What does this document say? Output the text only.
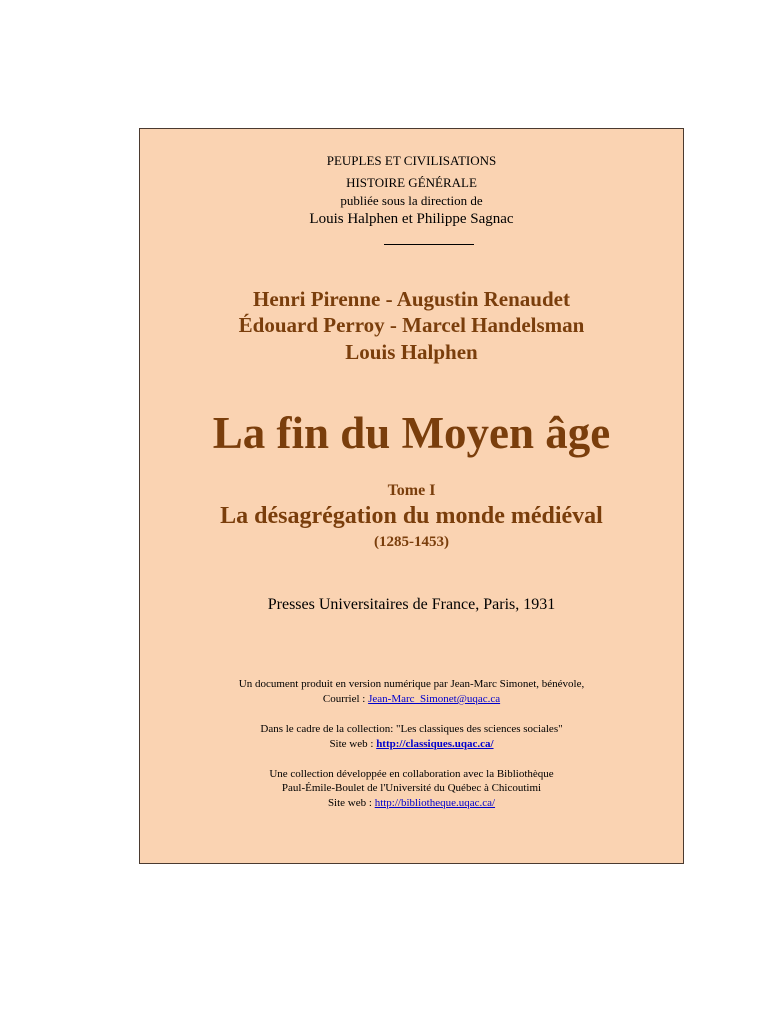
PEUPLES ET CIVILISATIONS

HISTOIRE GÉNÉRALE

publiée sous la direction de

Louis Halphen et Philippe Sagnac

Henri Pirenne - Augustin Renaudet

Édouard Perroy - Marcel Handelsman

Louis Halphen

La fin du Moyen âge

Tome I

La désagrégation du monde médiéval

(1285-1453)

Presses Universitaires de France, Paris, 1931

Un document produit en version numérique par Jean-Marc Simonet, bénévole,

Courriel : Jean-Marc_Simonet@uqac.ca

Dans le cadre de la collection: "Les classiques des sciences sociales"

Site web : http://classiques.uqac.ca/

Une collection développée en collaboration avec la Bibliothèque

Paul-Émile-Boulet de l'Université du Québec à Chicoutimi

Site web : http://bibliotheque.uqac.ca/
